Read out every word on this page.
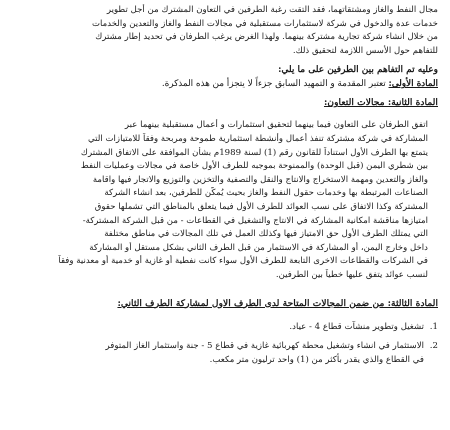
مجال النفط والغاز ومشتقاتهما، فقد التقت رغبة الطرفين في التعاون المشترك من أجل تطوير
خدمات عدة والدخول في شركة لاستثمارات مستقبلية في مجالات النفط والغاز والتعدين والخدمات
من خلال انشاء شركة تجارية مشتركة بينهما. ولهذا الغرض يرغب الطرفان في تحديد إطار مشترك
للتفاهم حول الأسس اللازمة لتحقيق ذلك.

وعليه تم التفاهم بين الطرفين على ما يلي:

المادة الأولى: تعتبر المقدمة و التمهيد السابق جزءاً لا يتجزأ من هذه المذكرة.

المادة الثانية: مجالات التعاون:

اتفق الطرفان على التعاون فيما بينهما لتحقيق استثمارات و أعمال مستقبلية بينهما عبر
المشاركة في شركة مشتركة تنفذ أعمال وأنشطة استثمارية طموحة ومربحة وفقاً للامتيازات التي
يتمتع بها الطرف الأول استناداً للقانون رقم (1) لسنة 1989م بشأن الموافقة على الاتفاق المشترك
بين شطري اليمن (قبل الوحدة) والممنوحة بموجبه للطرف الأول خاصة في مجالات وعمليات النفط
والغاز والتعدين ومهمة الاستخراج والانتاج والنقل والتصفية والتخزين والتوزيع والاتجار فيها واقامة
الصناعات المرتبطة بها وخدمات حقول النفط والغاز بحيث يُمكّن للطرفين، بعد انشاء الشركة
المشتركة وكذا الاتفاق على نسب العوائد للطرف الأول فيما يتعلق بالمناطق التي تشملها حقوق
امتيازها مناقشة امكانية المشاركة في الانتاج والتشغيل في القطاعات - من قبل الشركة المشتركة-
التي يمتلك الطرف الأول حق الامتياز فيها وكذلك العمل في تلك المجالات في مناطق مختلفة
داخل وخارج اليمن، أو المشاركة في الاستثمار من قبل الطرف الثاني بشكل مستقل أو المشاركة
في الشركات والقطاعات الاخرى التابعة للطرف الأول سواء كانت نفطية أو غازية أو خدمية أو معدنية وفقاً
لنسب عوائد يتفق عليها خطياً بين الطرفين.

المادة الثالثة: من ضمن المجالات المتاحة لدى الطرف الاول لمشاركة الطرف الثاني:

1.تشغيل وتطوير منشآت قطاع 4 - عياد.

2.الاستثمار في انشاء وتشغيل محطة كهربائية غازية في قطاع 5 - جنة واستثمار الغاز المتوفر

في القطاع والذي يقدر بأكثر من (1) واحد ترليون متر مكعب.
